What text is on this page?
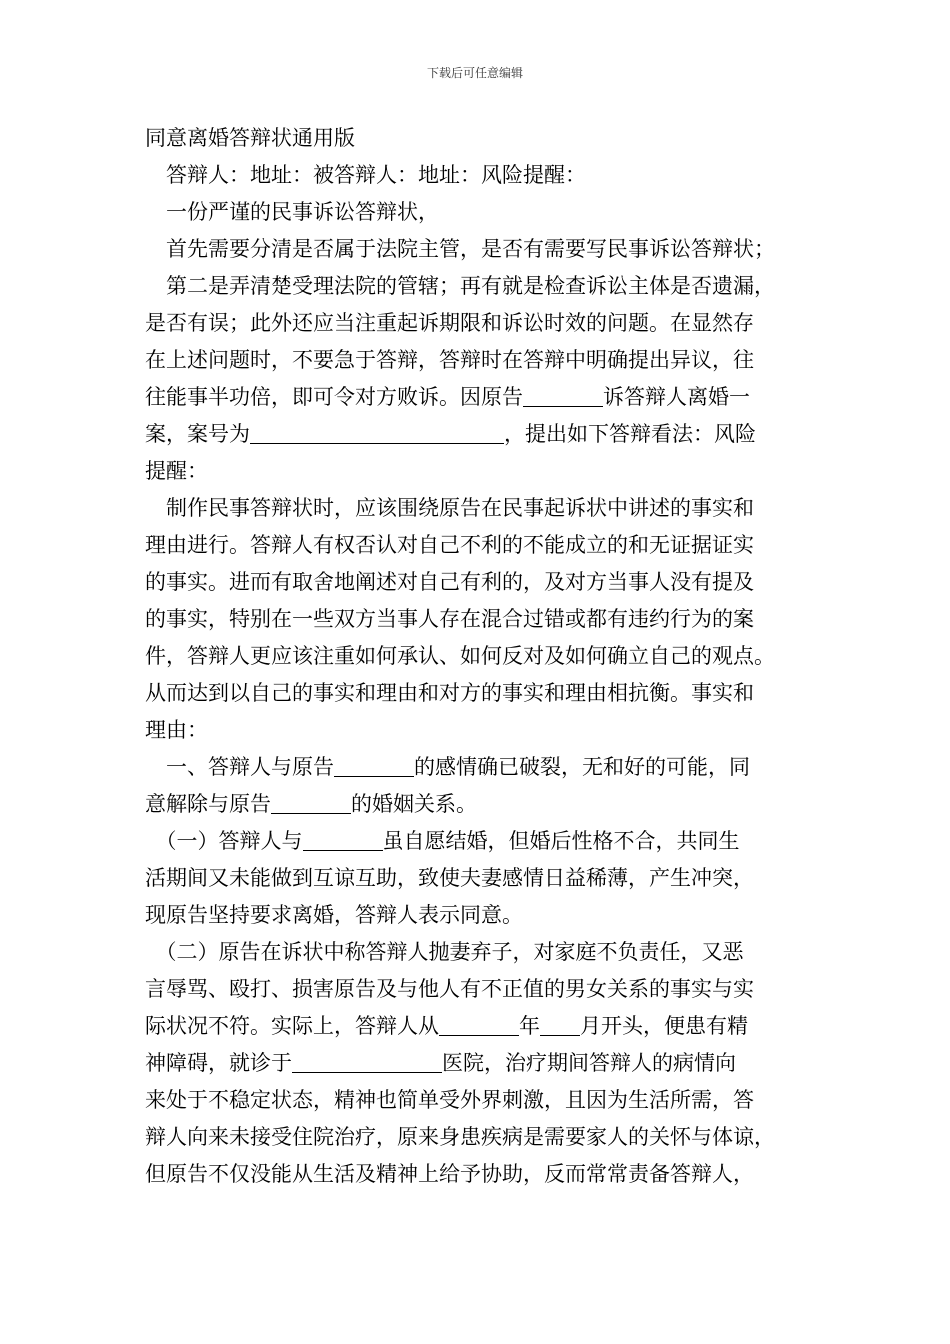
下载后可任意编辑
同意离婚答辩状通用版
　答辩人：地址：被答辩人：地址：风险提醒：
　一份严谨的民事诉讼答辩状，
　首先需要分清是否属于法院主管，是否有需要写民事诉讼答辩状；
　第二是弄清楚受理法院的管辖；再有就是检查诉讼主体是否遗漏，
是否有误；此外还应当注重起诉期限和诉讼时效的问题。在显然存
在上述问题时，不要急于答辩，答辩时在答辩中明确提出异议，往
往能事半功倍，即可令对方败诉。因原告	诉答辩人离婚一
案，案号为	，提出如下答辩看法：风险
提醒：
　制作民事答辩状时，应该围绕原告在民事起诉状中讲述的事实和
理由进行。答辩人有权否认对自己不利的不能成立的和无证据证实
的事实。进而有取舍地阐述对自己有利的，及对方当事人没有提及
的事实，特别在一些双方当事人存在混合过错或都有违约行为的案
件，答辩人更应该注重如何承认、如何反对及如何确立自己的观点。
从而达到以自己的事实和理由和对方的事实和理由相抗衡。事实和
理由：
　一、答辩人与原告	的感情确已破裂，无和好的可能，同
意解除与原告	的婚姻关系。
　（一）答辩人与	虽自愿结婚，但婚后性格不合，共同生
活期间又未能做到互谅互助，致使夫妻感情日益稀薄，产生冲突，
现原告坚持要求离婚，答辩人表示同意。
　（二）原告在诉状中称答辩人抛妻弃子，对家庭不负责任，又恶
言辱骂、殴打、损害原告及与他人有不正值的男女关系的事实与实
际状况不符。实际上，答辩人从	年 月开头，便患有精
神障碍，就诊于	医院，治疗期间答辩人的病情向
来处于不稳定状态，精神也简单受外界刺激，且因为生活所需，答
辩人向来未接受住院治疗，原来身患疾病是需要家人的关怀与体谅，
但原告不仅没能从生活及精神上给予协助，反而常常责备答辩人，
